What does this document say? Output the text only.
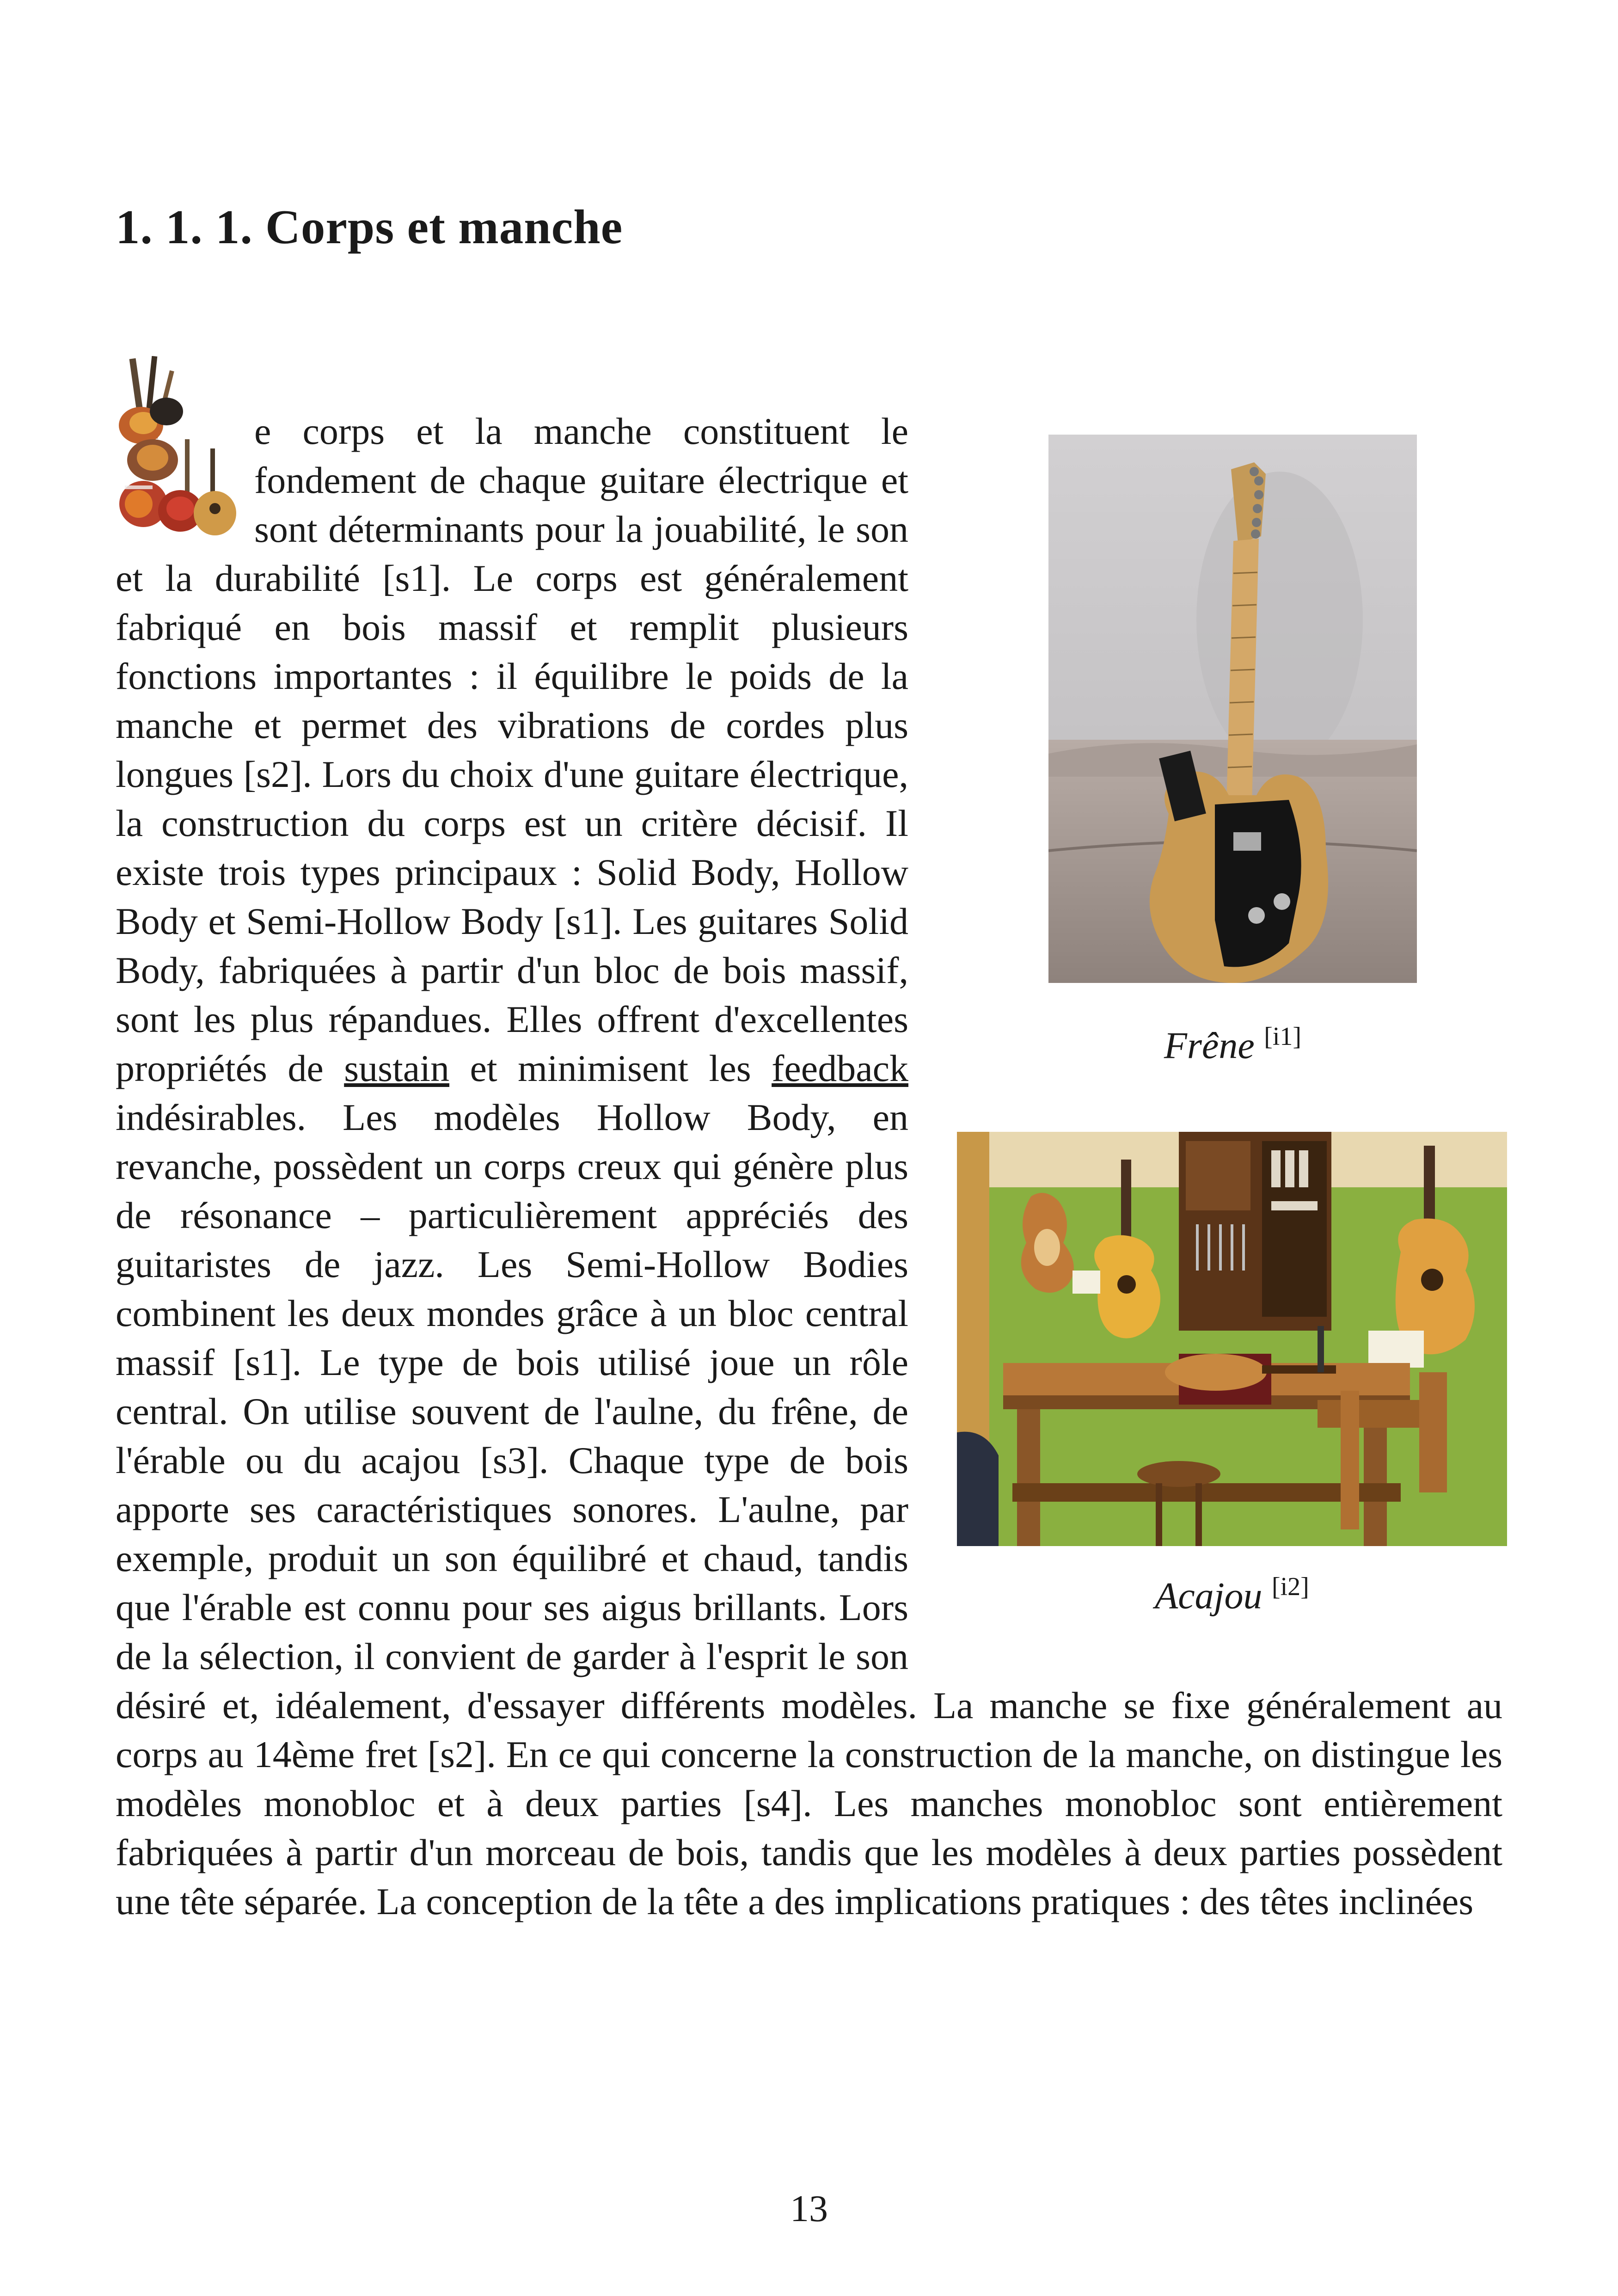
1. 1. 1. Corps et manche

e corps et la manche constituent le fondement de chaque guitare électrique et sont déterminants pour la jouabilité, le son et la durabilité [s1]. Le corps est généralement fabriqué en bois massif et remplit plusieurs fonctions importantes : il équilibre le poids de la manche et permet des vibrations de cordes plus longues [s2]. Lors du choix d'une guitare électrique, la construction du corps est un critère décisif. Il existe trois types principaux : Solid Body, Hollow Body et Semi-Hollow Body [s1]. Les guitares Solid Body, fabriquées à partir d'un bloc de bois massif, sont les plus répandues. Elles offrent d'excellentes propriétés de sustain et minimisent les feedback indésirables. Les modèles Hollow Body, en revanche, possèdent un corps creux qui génère plus de résonance – particulièrement appréciés des guitaristes de jazz. Les Semi-Hollow Bodies combinent les deux mondes grâce à un bloc central massif [s1]. Le type de bois utilisé joue un rôle central. On utilise souvent de l'aulne, du frêne, de l'érable ou du acajou [s3]. Chaque type de bois apporte ses caractéristiques sonores. L'aulne, par exemple, produit un son équilibré et chaud, tandis que l'érable est connu pour ses aigus brillants. Lors de la sélection, il convient de garder à l'esprit le son désiré et, idéalement, d'essayer différents modèles. La manche se fixe généralement au corps au 14ème fret [s2]. En ce qui concerne la construction de la manche, on distingue les modèles monobloc et à deux parties [s4]. Les manches monobloc sont entièrement fabriquées à partir d'un morceau de bois, tandis que les modèles à deux parties possèdent une tête séparée. La conception de la tête a des implications pratiques : des têtes inclinées

Frêne [i1]
Acajou [i2]
13
